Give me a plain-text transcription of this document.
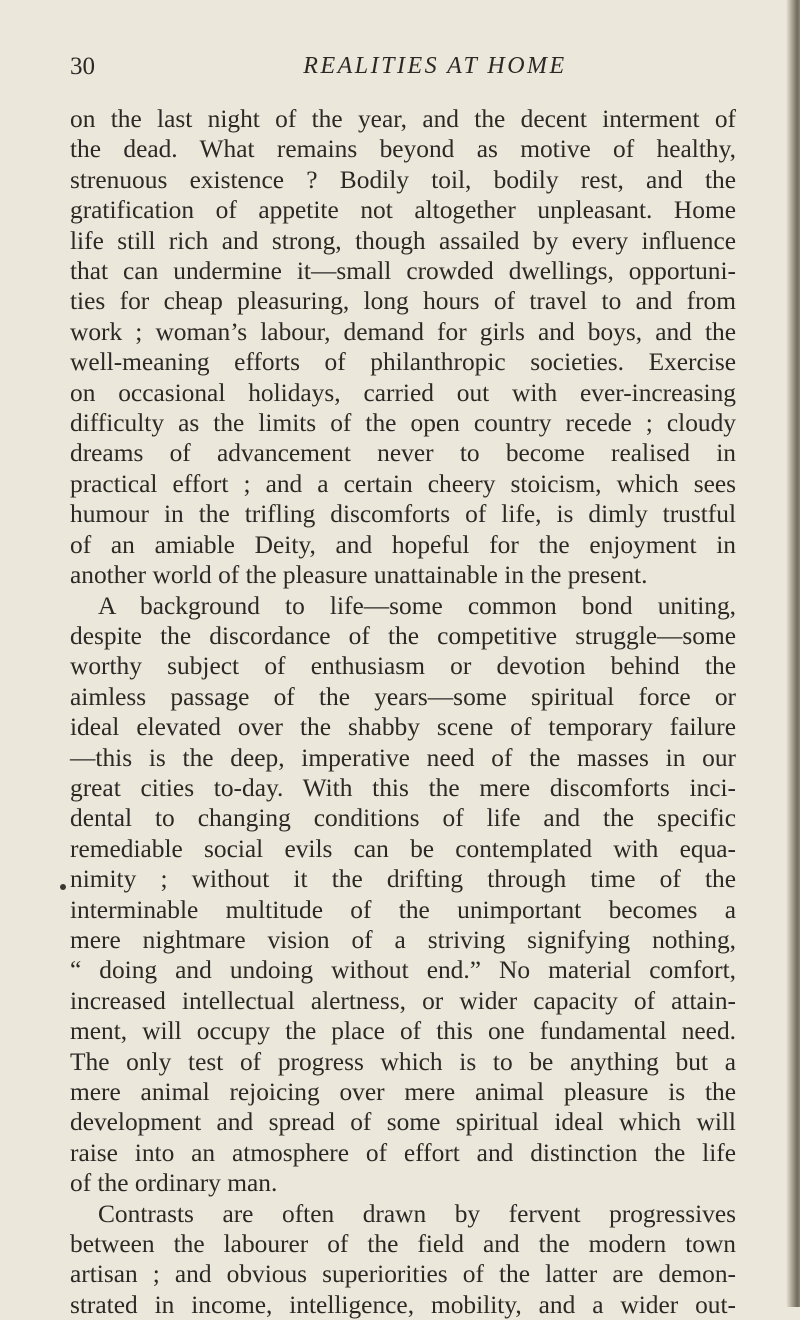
30	REALITIES AT HOME
on the last night of the year, and the decent interment of
the dead. What remains beyond as motive of healthy,
strenuous existence ? Bodily toil, bodily rest, and the
gratification of appetite not altogether unpleasant. Home
life still rich and strong, though assailed by every influence
that can undermine it—small crowded dwellings, opportuni-
ties for cheap pleasuring, long hours of travel to and from
work ; woman’s labour, demand for girls and boys, and the
well-meaning efforts of philanthropic societies. Exercise
on occasional holidays, carried out with ever-increasing
difficulty as the limits of the open country recede ; cloudy
dreams of advancement never to become realised in
practical effort ; and a certain cheery stoicism, which sees
humour in the trifling discomforts of life, is dimly trustful
of an amiable Deity, and hopeful for the enjoyment in
another world of the pleasure unattainable in the present.
A background to life—some common bond uniting,
despite the discordance of the competitive struggle—some
worthy subject of enthusiasm or devotion behind the
aimless passage of the years—some spiritual force or
ideal elevated over the shabby scene of temporary failure
—this is the deep, imperative need of the masses in our
great cities to-day. With this the mere discomforts inci-
dental to changing conditions of life and the specific
remediable social evils can be contemplated with equa-
nimity ; without it the drifting through time of the
interminable multitude of the unimportant becomes a
mere nightmare vision of a striving signifying nothing,
“ doing and undoing without end.” No material comfort,
increased intellectual alertness, or wider capacity of attain-
ment, will occupy the place of this one fundamental need.
The only test of progress which is to be anything but a
mere animal rejoicing over mere animal pleasure is the
development and spread of some spiritual ideal which will
raise into an atmosphere of effort and distinction the life
of the ordinary man.
Contrasts are often drawn by fervent progressives
between the labourer of the field and the modern town
artisan ; and obvious superiorities of the latter are demon-
strated in income, intelligence, mobility, and a wider out-
